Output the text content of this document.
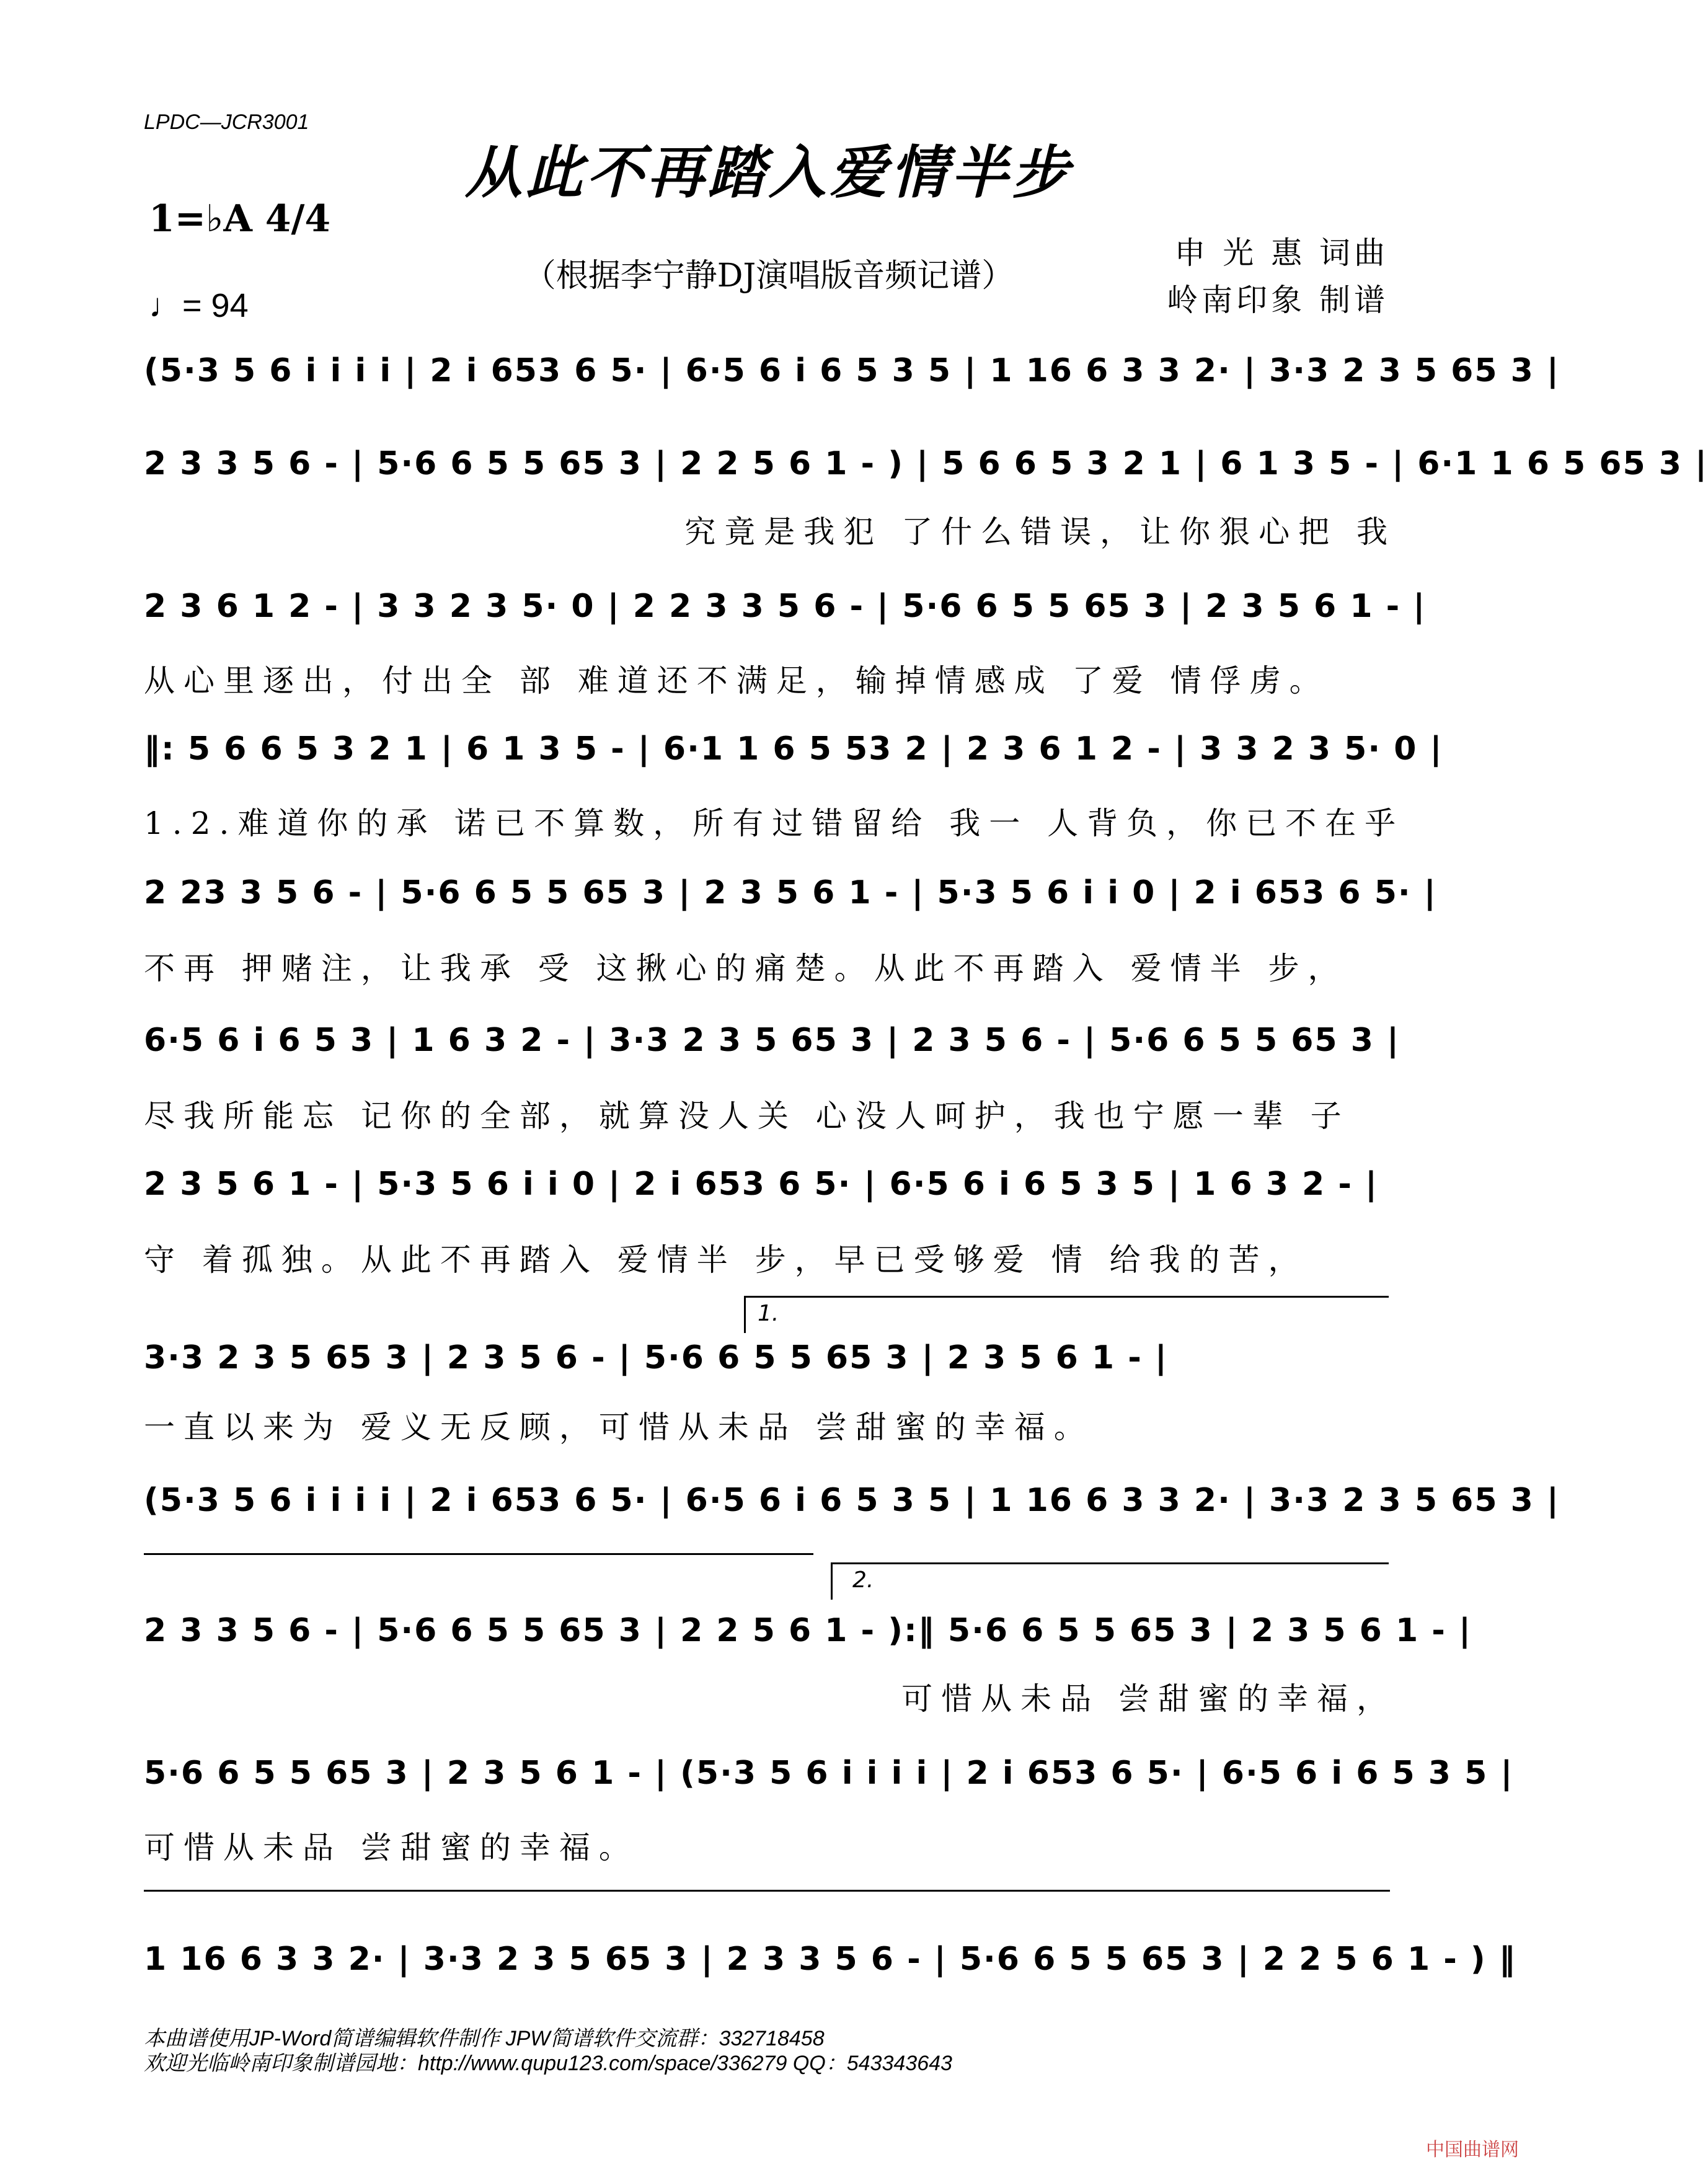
LPDC—JCR3001
从此不再踏入爱情半步
1=♭A 4/4
♩= 94
（根据李宁静DJ演唱版音频记谱）
申 光 惠 词曲
岭南印象 制谱
(5·3 5 6 i i i i | 2 i 653 6 5· | 6·5 6 i 6 5 3 5 | 1 16 6 3 3 2· | 3·3 2 3 5 65 3 |
2 3 3 5 6 - | 5·6 6 5 5 65 3 | 2 2 5 6 1 - ) | 5 6 6 5 3 2 1 | 6 1 3 5 - | 6·1 1 6 5 65 3 |
究竟是我犯 了什么错误，让你狠心把 我
2 3 6 1 2 - | 3 3 2 3 5· 0 | 2 2 3 3 5 6 - | 5·6 6 5 5 65 3 | 2 3 5 6 1 - |
从心里逐出，付出全 部 难道还不满足，输掉情感成 了爱 情俘虏。
‖: 5 6 6 5 3 2 1 | 6 1 3 5 - | 6·1 1 6 5 53 2 | 2 3 6 1 2 - | 3 3 2 3 5· 0 |
1.2.难道你的承 诺已不算数，所有过错留给 我一 人背负，你已不在乎
2 23 3 5 6 - | 5·6 6 5 5 65 3 | 2 3 5 6 1 - | 5·3 5 6 i i 0 | 2 i 653 6 5· |
不再 押赌注，让我承 受 这揪心的痛楚。从此不再踏入 爱情半 步，
6·5 6 i 6 5 3 | 1 6 3 2 - | 3·3 2 3 5 65 3 | 2 3 5 6 - | 5·6 6 5 5 65 3 |
尽我所能忘 记你的全部，就算没人关 心没人呵护，我也宁愿一辈 子
2 3 5 6 1 - | 5·3 5 6 i i 0 | 2 i 653 6 5· | 6·5 6 i 6 5 3 5 | 1 6 3 2 - |
守 着孤独。从此不再踏入 爱情半 步，早已受够爱 情 给我的苦，
1.
3·3 2 3 5 65 3 | 2 3 5 6 - | 5·6 6 5 5 65 3 | 2 3 5 6 1 - |
一直以来为 爱义无反顾，可惜从未品 尝甜蜜的幸福。
(5·3 5 6 i i i i | 2 i 653 6 5· | 6·5 6 i 6 5 3 5 | 1 16 6 3 3 2· | 3·3 2 3 5 65 3 |
2.
2 3 3 5 6 - | 5·6 6 5 5 65 3 | 2 2 5 6 1 - ):‖ 5·6 6 5 5 65 3 | 2 3 5 6 1 - |
可惜从未品 尝甜蜜的幸福，
5·6 6 5 5 65 3 | 2 3 5 6 1 - | (5·3 5 6 i i i i | 2 i 653 6 5· | 6·5 6 i 6 5 3 5 |
可惜从未品 尝甜蜜的幸福。
1 16 6 3 3 2· | 3·3 2 3 5 65 3 | 2 3 3 5 6 - | 5·6 6 5 5 65 3 | 2 2 5 6 1 - ) ‖
本曲谱使用JP-Word简谱编辑软件制作 JPW简谱软件交流群：332718458
欢迎光临岭南印象制谱园地：http://www.qupu123.com/space/336279 QQ：543343643
中国曲谱网
